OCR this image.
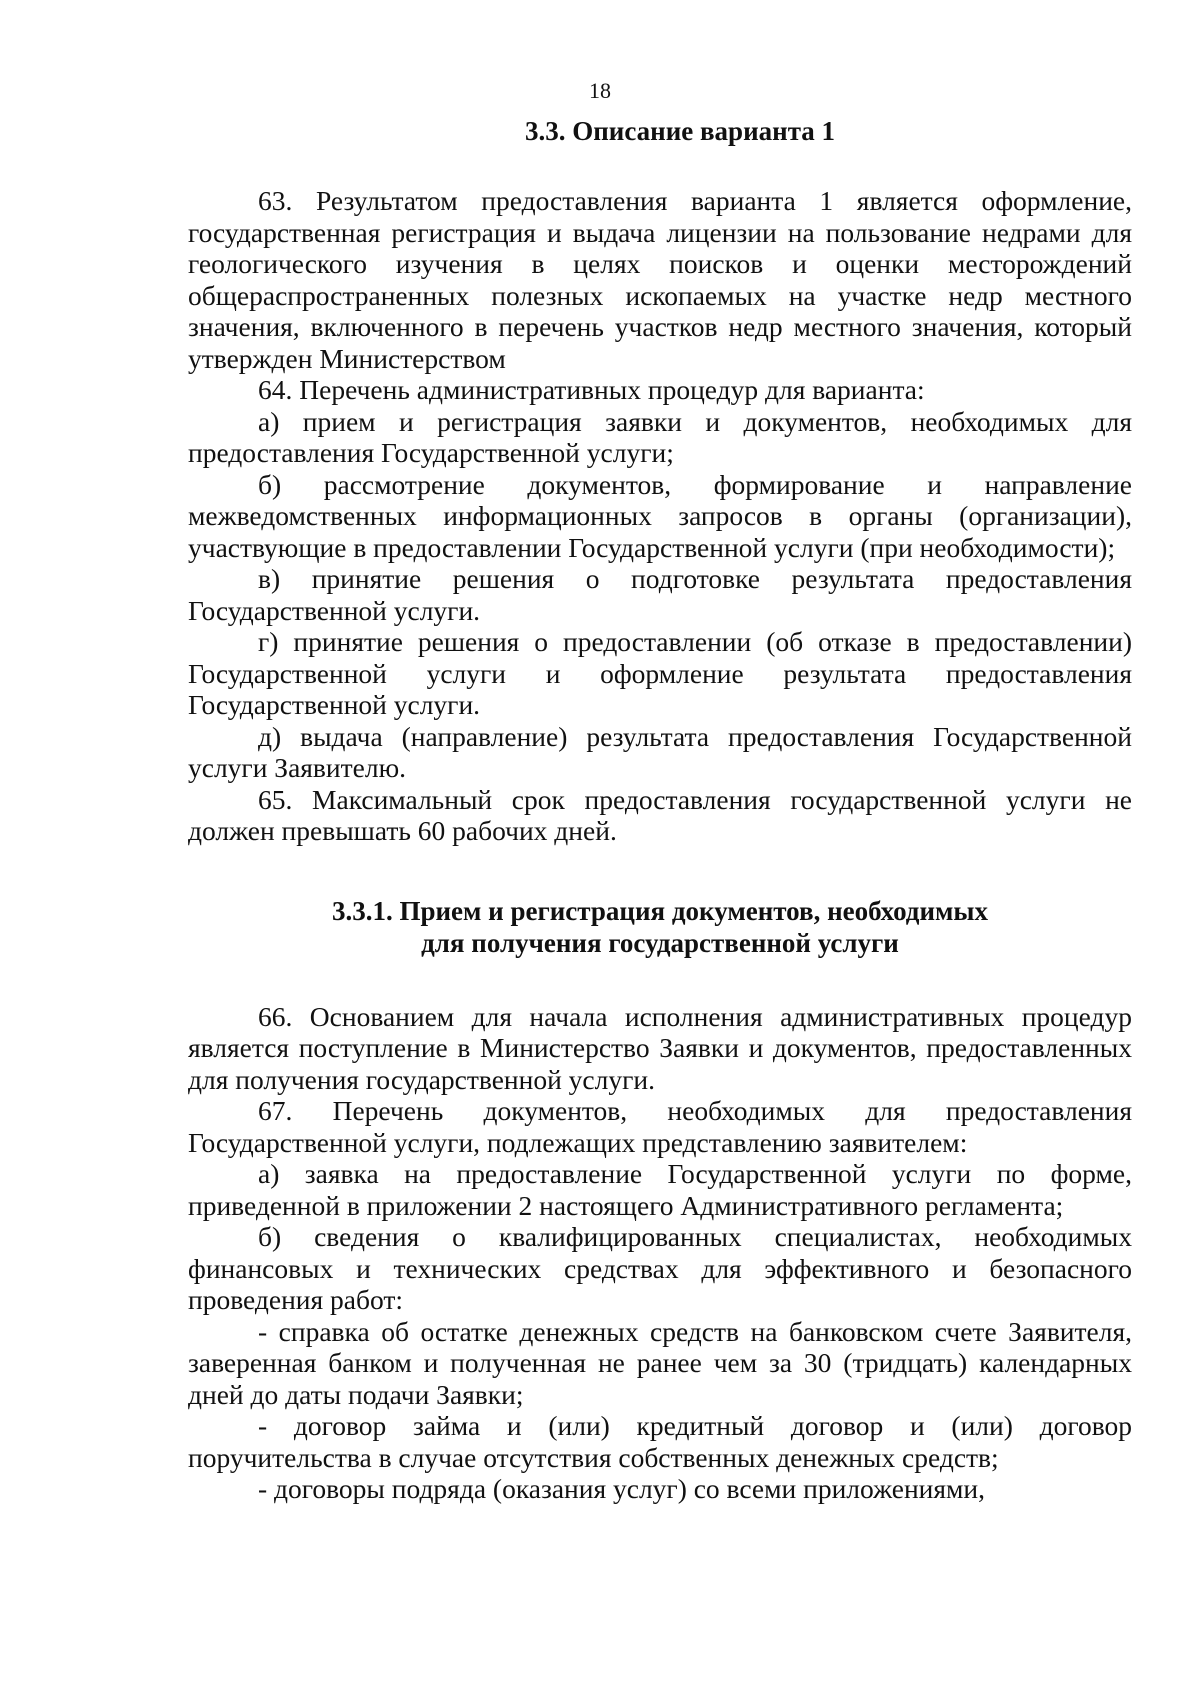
18
3.3. Описание варианта 1

63. Результатом предоставления варианта 1 является оформление, государственная регистрация и выдача лицензии на пользование недрами для геологического изучения в целях поисков и оценки месторождений общераспространенных полезных ископаемых на участке недр местного значения, включенного в перечень участков недр местного значения, который утвержден Министерством

64. Перечень административных процедур для варианта:

а) прием и регистрация заявки и документов, необходимых для предоставления Государственной услуги;

б) рассмотрение документов, формирование и направление межведомственных информационных запросов в органы (организации), участвующие в предоставлении Государственной услуги (при необходимости);

в) принятие решения о подготовке результата предоставления Государственной услуги.

г) принятие решения о предоставлении (об отказе в предоставлении) Государственной услуги и оформление результата предоставления Государственной услуги.

д) выдача (направление) результата предоставления Государственной услуги Заявителю.

65. Максимальный срок предоставления государственной услуги не должен превышать 60 рабочих дней.

3.3.1. Прием и регистрация документов, необходимых
для получения государственной услуги

66. Основанием для начала исполнения административных процедур является поступление в Министерство Заявки и документов, предоставленных для получения государственной услуги.

67. Перечень документов, необходимых для предоставления Государственной услуги, подлежащих представлению заявителем:

а) заявка на предоставление Государственной услуги по форме, приведенной в приложении 2 настоящего Административного регламента;

б) сведения о квалифицированных специалистах, необходимых финансовых и технических средствах для эффективного и безопасного проведения работ:

- справка об остатке денежных средств на банковском счете Заявителя, заверенная банком и полученная не ранее чем за 30 (тридцать) календарных дней до даты подачи Заявки;

- договор займа и (или) кредитный договор и (или) договор поручительства в случае отсутствия собственных денежных средств;

- договоры подряда (оказания услуг) со всеми приложениями,
